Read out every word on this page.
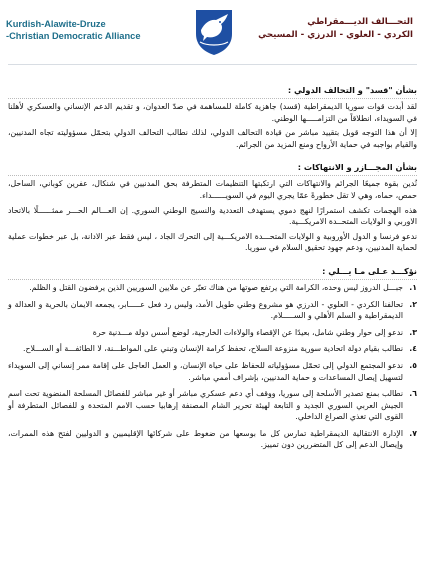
Kurdish-Alawite-Druze
-Christian Democratic Alliance
التحـــالف الديـــمقراطي
الكردي - العلوي - الدرزي - المسيحي
بشأن "قسد" و التحالف الدولي :

لقد أبدت قوات سوريا الديمقراطية (قسد) جاهزية كاملة للمساهمة في صدّ العدوان، و تقديم الدعم الإنساني والعسكري لأهلنا في السويداء، انطلاقاً من التزامـــــها الوطني.

إلا أن هذا التوجه قوبل بتقييد مباشر من قيادة التحالف الدولي، لذلك نطالب التحالف الدولي بتحمّل مسؤوليته تجاه المدنيين، والقيام بواجبه في حماية الأرواح ومنع المزيد من الجرائم.

بشأن المجـــازر و الانتهاكات :

نُدين بقوة جميعًا الجرائم والانتهاكات التي ارتكبتها التنظيمات المتطرفة بحق المدنيين في شنكال، عفرين كوباني، الساحل، حمص، حماه، وهي لا تقل خطورةً عمّا يجري اليوم في السويــــــداء.

هذه الهجمات تكشف استمرارًا لنهج دموي يستهدف التعددية والنسيج الوطني السوري. إن العـــالم الحـــر ممثــــــلًا بالاتحاد الاوربي و الولايات المتحــدة الامريكـــية.

ندعو فرنسا و الدول الأوروبية و الولايات المتحـــدة الامريكـــية إلى التحرك الجاد ، ليس فقط عبر الادانة، بل عبر خطوات عملية لحماية المدنيين، ودعم جهود تحقيق السلام في سوريا.

نؤكـــد عـلى مـا يـــلي :
١.
جبـــل الدروز ليس وحده، الكرامة التي يرتفع صوتها من هناك تعبّر عن ملايين السوريين الذين يرفضون القتل و الظلم.
٢.
تحالفنا الكردي - العلوي - الدرزي هو مشروع وطني طويل الأمد، وليس رد فعل عـــــابر، يجمعه الايمان بالحرية و العدالة و الديمقراطية و السلم الأهلي و الســـــلام.
٣.
ندعو إلى حوار وطني شامل، بعيدًا عن الإقصاء والولاءات الخارجية، لوضع أسس دولة مـــدنية حرة
٤.
نطالب بقيام دولة اتحادية سورية منزوعة السلاح، تحفظ كرامة الإنسان وتبني على المواطـــنة، لا الطائفـــة أو الســـلاح.
٥.
ندعو المجتمع الدولي إلى تحمّل مسؤولياته للحفاظ على حياة الإنسان، و العمل العاجل على إقامة ممر إنساني إلى السويداء لتسهيل إيصال المساعدات و حماية المدنيين، بإشراف أممي مباشر.
٦.
نطالب بمنع تصدير الأسلحة إلى سوريا، ووقف أي دعم عسكري مباشر أو غير مباشر للفصائل المسلحة المنضوية تحت اسم الجيش العربي السوري الجديد و التابعة لهيئة تحرير الشام المصنفة إرهابيا حسب الامم المتحدة و للفصائل المتطرفة أو القوى التي تغذي الصراع الداخلي.
٧.
الإدارة الانتقالية الديمقراطية تمارس كل ما بوسعها من ضغوط على شركائها الإقليميين و الدوليين لفتح هذه الممرات، وإيصال الدعم إلى كل المتضررين دون تمييز.
